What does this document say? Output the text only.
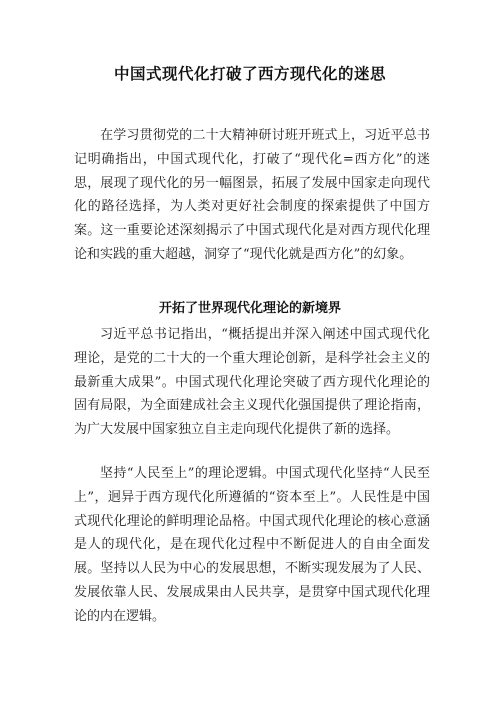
中国式现代化打破了西方现代化的迷思

在学习贯彻党的二十大精神研讨班开班式上，习近平总书记明确指出，中国式现代化，打破了“现代化=西方化”的迷思，展现了现代化的另一幅图景，拓展了发展中国家走向现代化的路径选择，为人类对更好社会制度的探索提供了中国方案。这一重要论述深刻揭示了中国式现代化是对西方现代化理论和实践的重大超越，洞穿了“现代化就是西方化”的幻象。

开拓了世界现代化理论的新境界

习近平总书记指出，“概括提出并深入阐述中国式现代化理论，是党的二十大的一个重大理论创新，是科学社会主义的最新重大成果”。中国式现代化理论突破了西方现代化理论的固有局限，为全面建成社会主义现代化强国提供了理论指南，为广大发展中国家独立自主走向现代化提供了新的选择。

坚持“人民至上”的理论逻辑。中国式现代化坚持“人民至上”，迥异于西方现代化所遵循的“资本至上”。人民性是中国式现代化理论的鲜明理论品格。中国式现代化理论的核心意涵是人的现代化，是在现代化过程中不断促进人的自由全面发展。坚持以人民为中心的发展思想，不断实现发展为了人民、发展依靠人民、发展成果由人民共享，是贯穿中国式现代化理论的内在逻辑。
